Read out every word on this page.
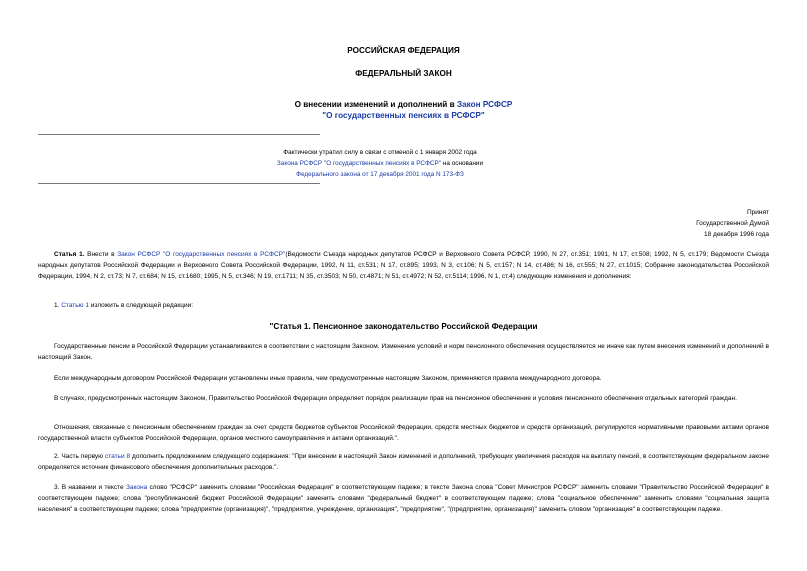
РОССИЙСКАЯ ФЕДЕРАЦИЯ
ФЕДЕРАЛЬНЫЙ ЗАКОН
О внесении изменений и дополнений в Закон РСФСР
"О государственных пенсиях в РСФСР"
Фактически утратил силу в связи с отменой с 1 января 2002 года
Закона РСФСР "О государственных пенсиях в РСФСР" на основании
Федерального закона от 17 декабря 2001 года N 173-ФЗ
Принят
Государственной Думой
18 декабря 1996 года
Статья 1. Внести в Закон РСФСР "О государственных пенсиях в РСФСР"(Ведомости Съезда народных депутатов РСФСР и Верховного Совета РСФСР, 1990, N 27, ст.351; 1991, N 17, ст.508; 1992, N 5, ст.179; Ведомости Съезда народных депутатов Российской Федерации и Верховного Совета Российской Федерации, 1992, N 11, ст.531; N 17, ст.895; 1993, N 3, ст.106; N 5, ст.157; N 14, ст.486; N 16, ст.555; N 27, ст.1015; Собрание законодательства Российской Федерации, 1994, N 2, ст.73; N 7, ст.684; N 15, ст.1680; 1995, N 5, ст.346; N 19, ст.1711; N 35, ст.3503; N 50, ст.4871; N 51, ст.4972; N 52, ст.5114; 1996, N 1, ст.4) следующие изменения и дополнения:
1. Статью 1 изложить в следующей редакции:
"Статья 1. Пенсионное законодательство Российской Федерации
Государственные пенсии в Российской Федерации устанавливаются в соответствии с настоящим Законом. Изменение условий и норм пенсионного обеспечения осуществляется не иначе как путем внесения изменений и дополнений в настоящий Закон.
Если международным договором Российской Федерации установлены иные правила, чем предусмотренные настоящим Законом, применяются правила международного договора.
В случаях, предусмотренных настоящим Законом, Правительство Российской Федерации определяет порядок реализации прав на пенсионное обеспечение и условия пенсионного обеспечения отдельных категорий граждан.
Отношения, связанные с пенсионным обеспечением граждан за счет средств бюджетов субъектов Российской Федерации, средств местных бюджетов и средств организаций, регулируются нормативными правовыми актами органов государственной власти субъектов Российской Федерации, органов местного самоуправления и актами организаций.".
2. Часть первую статьи 8 дополнить предложением следующего содержания: "При внесении в настоящий Закон изменений и дополнений, требующих увеличения расходов на выплату пенсий, в соответствующем федеральном законе определяется источник финансового обеспечения дополнительных расходов.".
3. В названии и тексте Закона слово "РСФСР" заменить словами "Российская Федерация" в соответствующем падеже; в тексте Закона слова "Совет Министров РСФСР" заменить словами "Правительство Российской Федерации" в соответствующем падеже; слова "республиканский бюджет Российской Федерации" заменить словами "федеральный бюджет" в соответствующем падеже; слова "социальное обеспечение" заменить словами "социальная защита населения" в соответствующем падеже; слова "предприятие (организация)", "предприятие, учреждение, организация", "предприятие", "(предприятие, организация)" заменить словом "организация" в соответствующем падеже.
